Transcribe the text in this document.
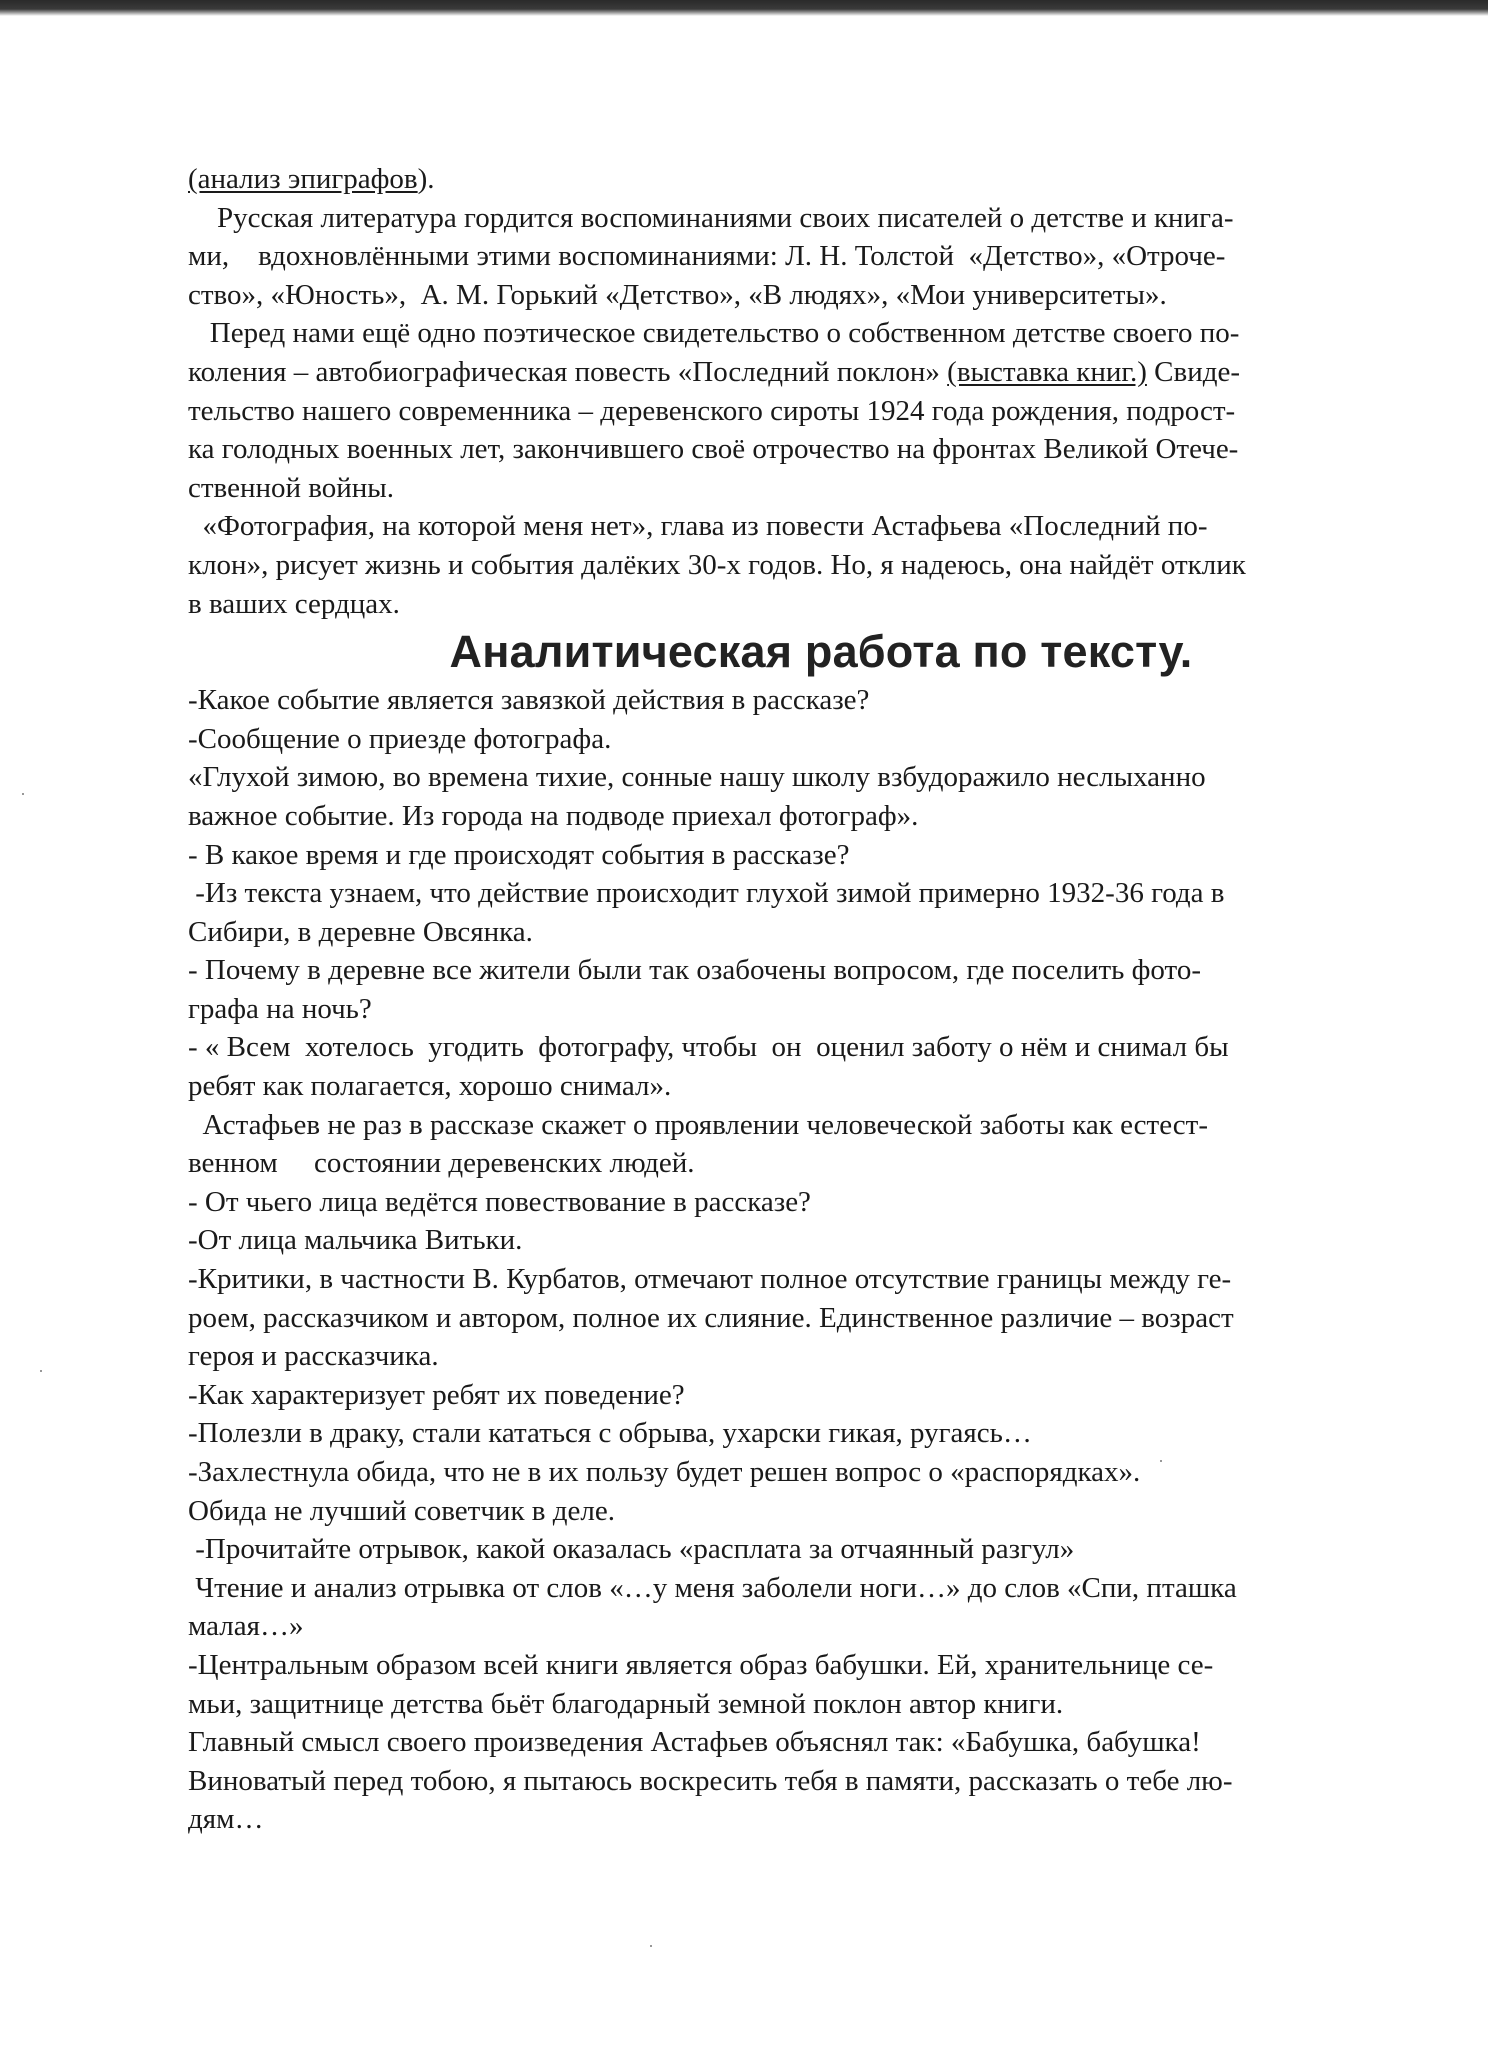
(анализ эпиграфов).

Русская литература гордится воспоминаниями своих писателей о детстве и книга-

ми,    вдохновлёнными этими воспоминаниями: Л. Н. Толстой  «Детство», «Отроче-

ство», «Юность»,  А. М. Горький «Детство», «В людях», «Мои университеты».

Перед нами ещё одно поэтическое свидетельство о собственном детстве своего по-

коления – автобиографическая повесть «Последний поклон» (выставка книг.) Свиде-

тельство нашего современника – деревенского сироты 1924 года рождения, подрост-

ка голодных военных лет, закончившего своё отрочество на фронтах Великой Отече-

ственной войны.

«Фотография, на которой меня нет», глава из повести Астафьева «Последний по-

клон», рисует жизнь и события далёких 30-х годов. Но, я надеюсь, она найдёт отклик

в ваших сердцах.

Аналитическая работа по тексту.

-Какое событие является завязкой действия в рассказе?

-Сообщение о приезде фотографа.

«Глухой зимою, во времена тихие, сонные нашу школу взбудоражило неслыханно

важное событие. Из города на подводе приехал фотограф».

- В какое время и где происходят события в рассказе?

-Из текста узнаем, что действие происходит глухой зимой примерно 1932-36 года в

Сибири, в деревне Овсянка.

- Почему в деревне все жители были так озабочены вопросом, где поселить фото-

графа на ночь?

- « Всем  хотелось  угодить  фотографу, чтобы  он  оценил заботу о нём и снимал бы

ребят как полагается, хорошо снимал».

Астафьев не раз в рассказе скажет о проявлении человеческой заботы как естест-

венном     состоянии деревенских людей.

- От чьего лица ведётся повествование в рассказе?

-От лица мальчика Витьки.

-Критики, в частности В. Курбатов, отмечают полное отсутствие границы между ге-

роем, рассказчиком и автором, полное их слияние. Единственное различие – возраст

героя и рассказчика.

-Как характеризует ребят их поведение?

-Полезли в драку, стали кататься с обрыва, ухарски гикая, ругаясь…

-Захлестнула обида, что не в их пользу будет решен вопрос о «распорядках».

Обида не лучший советчик в деле.

-Прочитайте отрывок, какой оказалась «расплата за отчаянный разгул»

Чтение и анализ отрывка от слов «…у меня заболели ноги…» до слов «Спи, пташка

малая…»

-Центральным образом всей книги является образ бабушки. Ей, хранительнице се-

мьи, защитнице детства бьёт благодарный земной поклон автор книги.

Главный смысл своего произведения Астафьев объяснял так: «Бабушка, бабушка!

Виноватый перед тобою, я пытаюсь воскресить тебя в памяти, рассказать о тебе лю-

дям…
